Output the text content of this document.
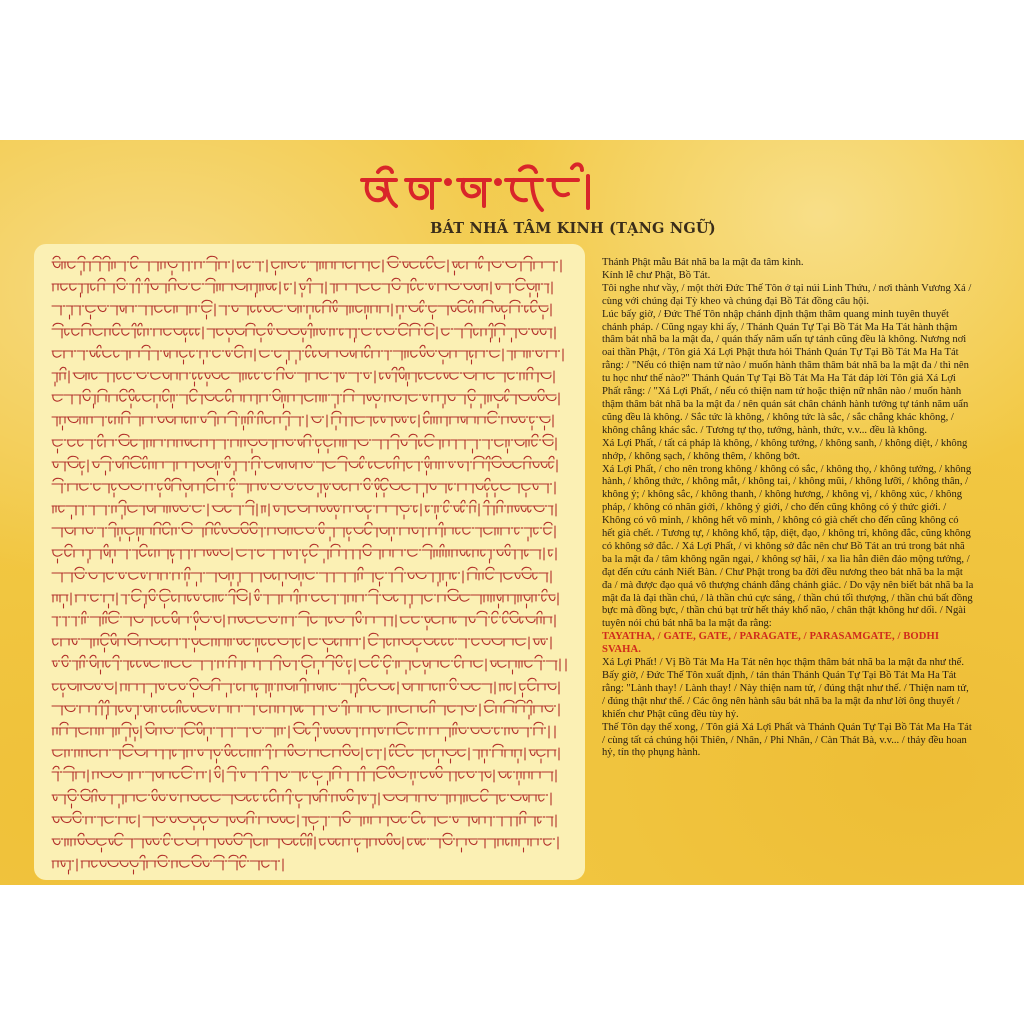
BÁT NHÃ TÂM KINH (TẠNG NGỮ)

Thánh Phật mẫu Bát nhã ba la mật đa tâm kinh.

Kính lễ chư Phật, Bồ Tát.

Tôi nghe như vầy, / một thời Đức Thế Tôn ở tại núi Linh Thứu, / nơi thành Vương Xá / cùng với chúng đại Tỳ kheo và chúng đại Bồ Tát đồng câu hội.

Lúc bấy giờ, / Đức Thế Tôn nhập chánh định thậm thâm quang minh tuyên thuyết chánh pháp. / Cũng ngay khi ấy, / Thánh Quán Tự Tại Bồ Tát Ma Ha Tát hành thậm thâm bát nhã ba la mật đa, / quán thấy năm uẩn tự tánh cũng đều là không. Nương nơi oai thần Phật, / Tôn giả Xá Lợi Phật thưa hỏi Thánh Quán Tự Tại Bồ Tát Ma Ha Tát rằng: / "Nếu có thiện nam tử nào / muốn hành thâm thâm bát nhã ba la mật đa / thì nên tu học như thế nào?" Thánh Quán Tự Tại Bồ Tát Ma Ha Tát đáp lời Tôn giả Xá Lợi Phất rằng: / "Xá Lợi Phất, / nếu có thiện nam tử hoặc thiện nữ nhân nào / muốn hành thậm thâm bát nhã ba la mật đa / nên quán sát chân chánh hành tướng tự tánh năm uẩn cũng đều là không. / Sắc tức là không, / không tức là sắc, / sắc chẳng khác không, / không chẳng khác sắc. / Tương tự thọ, tưởng, hành, thức, v.v... đều là không.

Xá Lợi Phất, / tất cả pháp là không, / không tướng, / không sanh, / không diệt, / không nhớp, / không sạch, / không thêm, / không bớt.

Xá Lợi Phất, / cho nên trong không / không có sắc, / không thọ, / không tưởng, / không hành, / không thức, / không mắt, / không tai, / không mũi, / không lưỡi, / không thân, / không ý; / không sắc, / không thanh, / không hương, / không vị, / không xúc, / không pháp, / không có nhãn giới, / không ý giới, / cho đến cũng không có ý thức giới. / Không có vô minh, / không hết vô minh, / không có già chết cho đến cũng không có hết già chết. / Tương tự, / không khổ, tập, diệt, đạo, / không trí, không đắc, cũng không có không sở đắc. / Xá Lợi Phất, / vì không sở đắc nên chư Bồ Tát an trú trong bát nhã ba la mật đa / tâm không ngăn ngại, / không sợ hãi, / xa lìa hẳn điên đảo mộng tưởng, / đạt đến cứu cánh Niết Bàn. / Chư Phật trong ba đời đều nương theo bát nhã ba la mật đa / mà được đạo quả vô thượng chánh đẳng chánh giác. / Do vậy nên biết bát nhã ba la mật đa là đại thần chú, / là thần chú cực sáng, / thần chú tối thượng, / thần chú bất đồng bực mà đồng bực, / thần chú bạt trừ hết thảy khổ não, / chân thật không hư dối. / Ngài tuyên nói chú bát nhã ba la mật đa rằng:

TAYATHA, / GATE, GATE, / PARAGATE, / PARASAMGATE, / BODHI SVAHA.

Xá Lợi Phất! / Vị Bồ Tát Ma Ha Tát nên học thậm thâm bát nhã ba la mật đa như thế. Bấy giờ, / Đức Thế Tôn xuất định, / tán thán Thánh Quán Tự Tại Bồ Tát Ma Ha Tát rằng: "Lành thay! / Lành thay! / Này thiện nam tử, / đúng thật như thế. / Thiện nam tử, / đúng thật như thế. / Các ông nên hành sâu bát nhã ba la mật đa như lời ông thuyết / khiến chư Phật cũng đều tùy hỷ.

Thế Tôn dạy thế xong, / Tôn giả Xá Lợi Phất và Thánh Quán Tự Tại Bồ Tát Ma Ha Tát / cùng tất cả chúng hội Thiên, / Nhân, / Phi Nhân, / Càn Thát Bà, v.v... / thảy đều hoan hỷ, tín thọ phụng hành.
